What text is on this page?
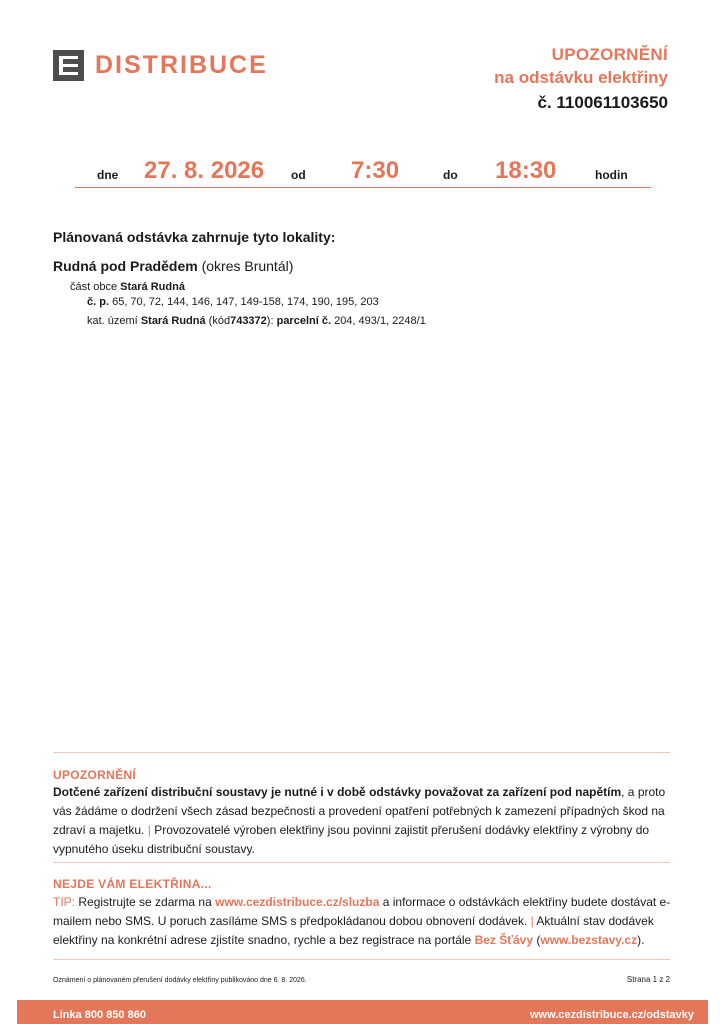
DISTRIBUCE	UPOZORNĚNÍ
na odstávku elektřiny
č. 110061103650
dne 27. 8. 2026 od 7:30	do 18:30	hodin
Plánovaná odstávka zahrnuje tyto lokality:
Rudná pod Pradědem (okres Bruntál)
část obce Stará Rudná
č. p. 65, 70, 72, 144, 146, 147, 149-158, 174, 190, 195, 203
kat. území Stará Rudná (kód743372): parcelní č. 204, 493/1, 2248/1
UPOZORNĚNÍ
Dotčené zařízení distribuční soustavy je nutné i v době odstávky považovat za zařízení pod napětím, a proto vás žádáme o dodržení všech zásad bezpečnosti a provedení opatření potřebných k zamezení případných škod na zdraví a majetku. | Provozovatelé výroben elektřiny jsou povinni zajistit přerušení dodávky elektřiny z výrobny do vypnutého úseku distribuční soustavy.
NEJDE VÁM ELEKTŘINA...
TIP: Registrujte se zdarma na www.cezdistribuce.cz/sluzba a informace o odstávkách elektřiny budete dostávat e-mailem nebo SMS. U poruch zasíláme SMS s předpokládanou dobou obnovení dodávek. | Aktuální stav dodávek elektřiny na konkrétní adrese zjistíte snadno, rychle a bez registrace na portále Bez Šťávy (www.bezstavy.cz).
Oznámení o plánovaném přerušení dodávky elektřiny publikováno dne 6. 8. 2026.	Strana 1 z 2
Linka 800 850 860	www.cezdistribuce.cz/odstavky
